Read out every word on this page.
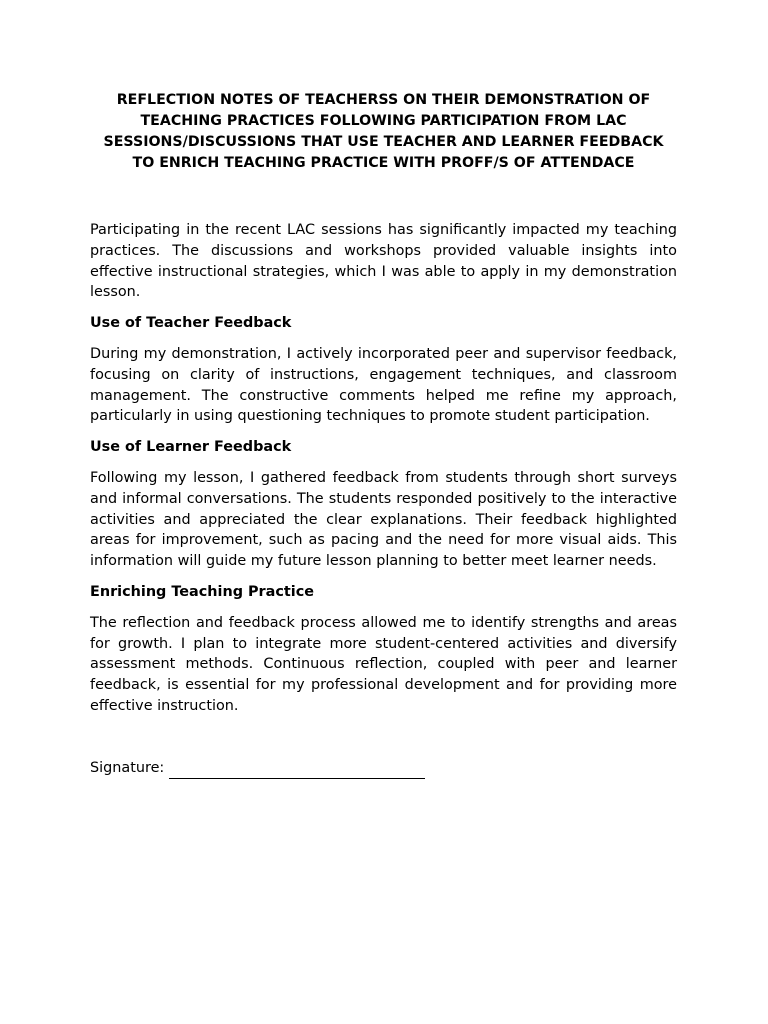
REFLECTION NOTES OF TEACHERSS ON THEIR DEMONSTRATION OF TEACHING PRACTICES FOLLOWING PARTICIPATION FROM LAC SESSIONS/DISCUSSIONS THAT USE TEACHER AND LEARNER FEEDBACK TO ENRICH TEACHING PRACTICE WITH PROFF/S OF ATTENDACE

Participating in the recent LAC sessions has significantly impacted my teaching practices. The discussions and workshops provided valuable insights into effective instructional strategies, which I was able to apply in my demonstration lesson.

Use of Teacher Feedback

During my demonstration, I actively incorporated peer and supervisor feedback, focusing on clarity of instructions, engagement techniques, and classroom management. The constructive comments helped me refine my approach, particularly in using questioning techniques to promote student participation.

Use of Learner Feedback

Following my lesson, I gathered feedback from students through short surveys and informal conversations. The students responded positively to the interactive activities and appreciated the clear explanations. Their feedback highlighted areas for improvement, such as pacing and the need for more visual aids. This information will guide my future lesson planning to better meet learner needs.

Enriching Teaching Practice

The reflection and feedback process allowed me to identify strengths and areas for growth. I plan to integrate more student-centered activities and diversify assessment methods. Continuous reflection, coupled with peer and learner feedback, is essential for my professional development and for providing more effective instruction.

Signature:
